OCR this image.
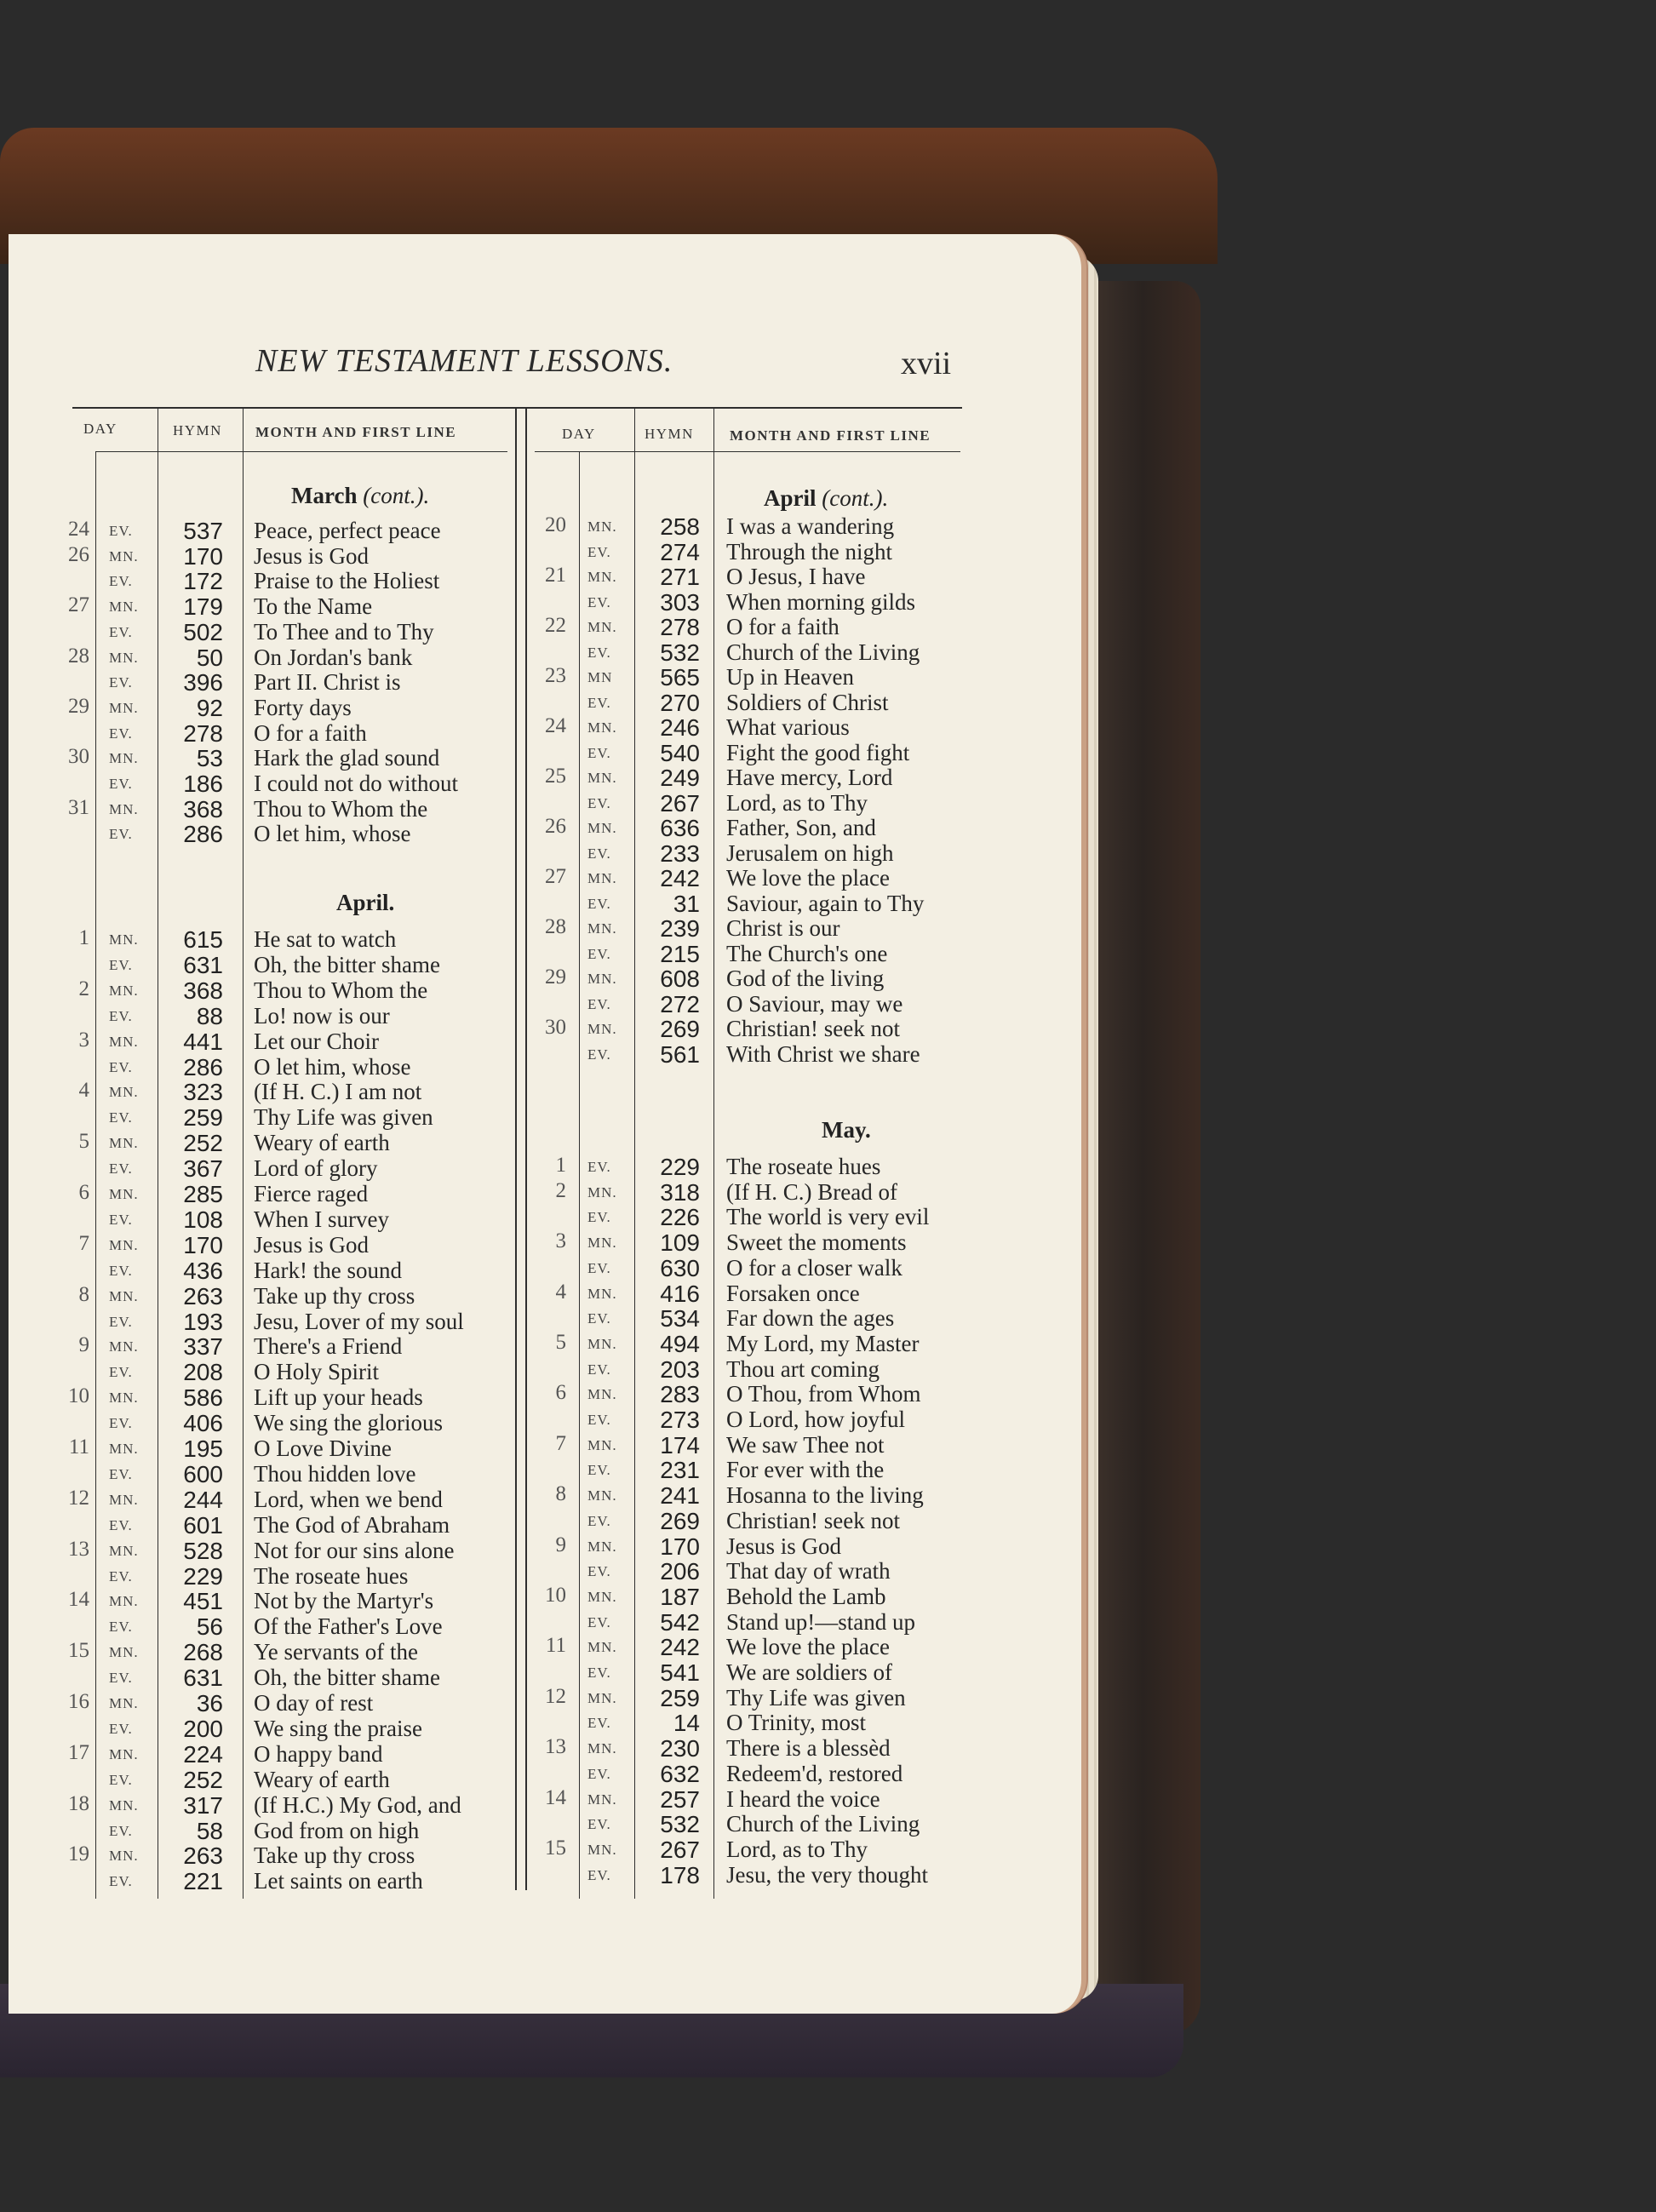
NEW TESTAMENT LESSONS.	xvii
DAY	HYMN MONTH AND FIRST LINE	DAY	HYMN MONTH AND FIRST LINE
March (cont.).
April.
April (cont.).
May.
24 EV.	537 Peace, perfect peace
26 MN.	170 Jesus is God
EV.	172 Praise to the Holiest
27 MN.	179 To the Name
EV.	502 To Thee and to Thy
28 MN.	50 On Jordan's bank
EV.	396 Part II. Christ is
29 MN.	92 Forty days
EV.	278 O for a faith
30 MN.	53 Hark the glad sound
EV.	186 I could not do without
31 MN.	368 Thou to Whom the
EV.	286 O let him, whose
1 MN.	615 He sat to watch
EV.	631 Oh, the bitter shame
2 MN.	368 Thou to Whom the
EV.	88 Lo! now is our
3 MN.	441 Let our Choir
EV.	286 O let him, whose
4 MN.	323 (If H. C.) I am not
EV.	259 Thy Life was given
5 MN.	252 Weary of earth
EV.	367 Lord of glory
6 MN.	285 Fierce raged
EV.	108 When I survey
7 MN.	170 Jesus is God
EV.	436 Hark! the sound
8 MN.	263 Take up thy cross
EV.	193 Jesu, Lover of my soul
9 MN.	337 There's a Friend
EV.	208 O Holy Spirit
10 MN.	586 Lift up your heads
EV.	406 We sing the glorious
11 MN.	195 O Love Divine
EV.	600 Thou hidden love
12 MN.	244 Lord, when we bend
EV.	601 The God of Abraham
13 MN.	528 Not for our sins alone
EV.	229 The roseate hues
14 MN.	451 Not by the Martyr's
EV.	56 Of the Father's Love
15 MN.	268 Ye servants of the
EV.	631 Oh, the bitter shame
16 MN.	36 O day of rest
EV.	200 We sing the praise
17 MN.	224 O happy band
EV.	252 Weary of earth
18 MN.	317 (If H.C.) My God, and
EV.	58 God from on high
19 MN.	263 Take up thy cross
EV.	221 Let saints on earth
20 MN.	258 I was a wandering
EV.	274 Through the night
21 MN.	271 O Jesus, I have
EV.	303 When morning gilds
22 MN.	278 O for a faith
EV.	532 Church of the Living
23 MN	565 Up in Heaven
EV.	270 Soldiers of Christ
24 MN.	246 What various
EV.	540 Fight the good fight
25 MN.	249 Have mercy, Lord
EV.	267 Lord, as to Thy
26 MN.	636 Father, Son, and
EV.	233 Jerusalem on high
27 MN.	242 We love the place
EV.	31 Saviour, again to Thy
28 MN.	239 Christ is our
EV.	215 The Church's one
29 MN.	608 God of the living
EV.	272 O Saviour, may we
30 MN.	269 Christian! seek not
EV.	561 With Christ we share
1 EV.	229 The roseate hues
2 MN.	318 (If H. C.) Bread of
EV.	226 The world is very evil
3 MN.	109 Sweet the moments
EV.	630 O for a closer walk
4 MN.	416 Forsaken once
EV.	534 Far down the ages
5 MN.	494 My Lord, my Master
EV.	203 Thou art coming
6 MN.	283 O Thou, from Whom
EV.	273 O Lord, how joyful
7 MN.	174 We saw Thee not
EV.	231 For ever with the
8 MN.	241 Hosanna to the living
EV.	269 Christian! seek not
9 MN.	170 Jesus is God
EV.	206 That day of wrath
10 MN.	187 Behold the Lamb
EV.	542 Stand up!—stand up
11 MN.	242 We love the place
EV.	541 We are soldiers of
12 MN.	259 Thy Life was given
EV.	14 O Trinity, most
13 MN.	230 There is a blessèd
EV.	632 Redeem'd, restored
14 MN.	257 I heard the voice
EV.	532 Church of the Living
15 MN.	267 Lord, as to Thy
EV.	178 Jesu, the very thought
